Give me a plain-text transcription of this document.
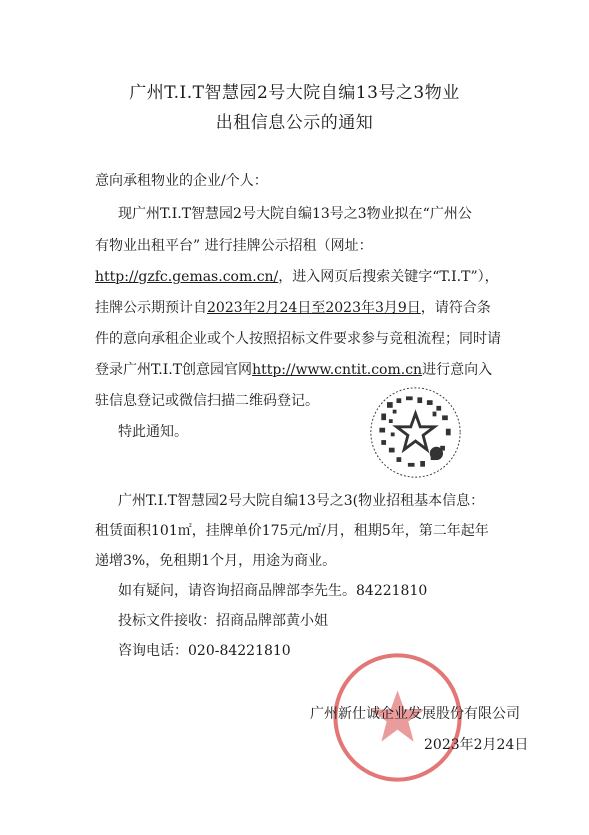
广州T.I.T智慧园2号大院自编13号之3物业
出租信息公示的通知
意向承租物业的企业/个人：
现广州T.I.T智慧园2号大院自编13号之3物业拟在“广州公
有物业出租平台” 进行挂牌公示招租（网址：
http://gzfc.gemas.com.cn/，进入网页后搜索关键字“T.I.T”），
挂牌公示期预计自2023年2月24日至2023年3月9日，请符合条
件的意向承租企业或个人按照招标文件要求参与竞租流程；同时请
登录广州T.I.T创意园官网http://www.cntit.com.cn进行意向入
驻信息登记或微信扫描二维码登记。
特此通知。
广州T.I.T智慧园2号大院自编13号之3(物业招租基本信息：
租赁面积101㎡，挂牌单价175元/㎡/月，租期5年，第二年起年
递增3%，免租期1个月，用途为商业。
如有疑问，请咨询招商品牌部李先生。84221810
投标文件接收：招商品牌部黄小姐
咨询电话：020-84221810
广州新仕诚企业发展股份有限公司
2023年2月24日
